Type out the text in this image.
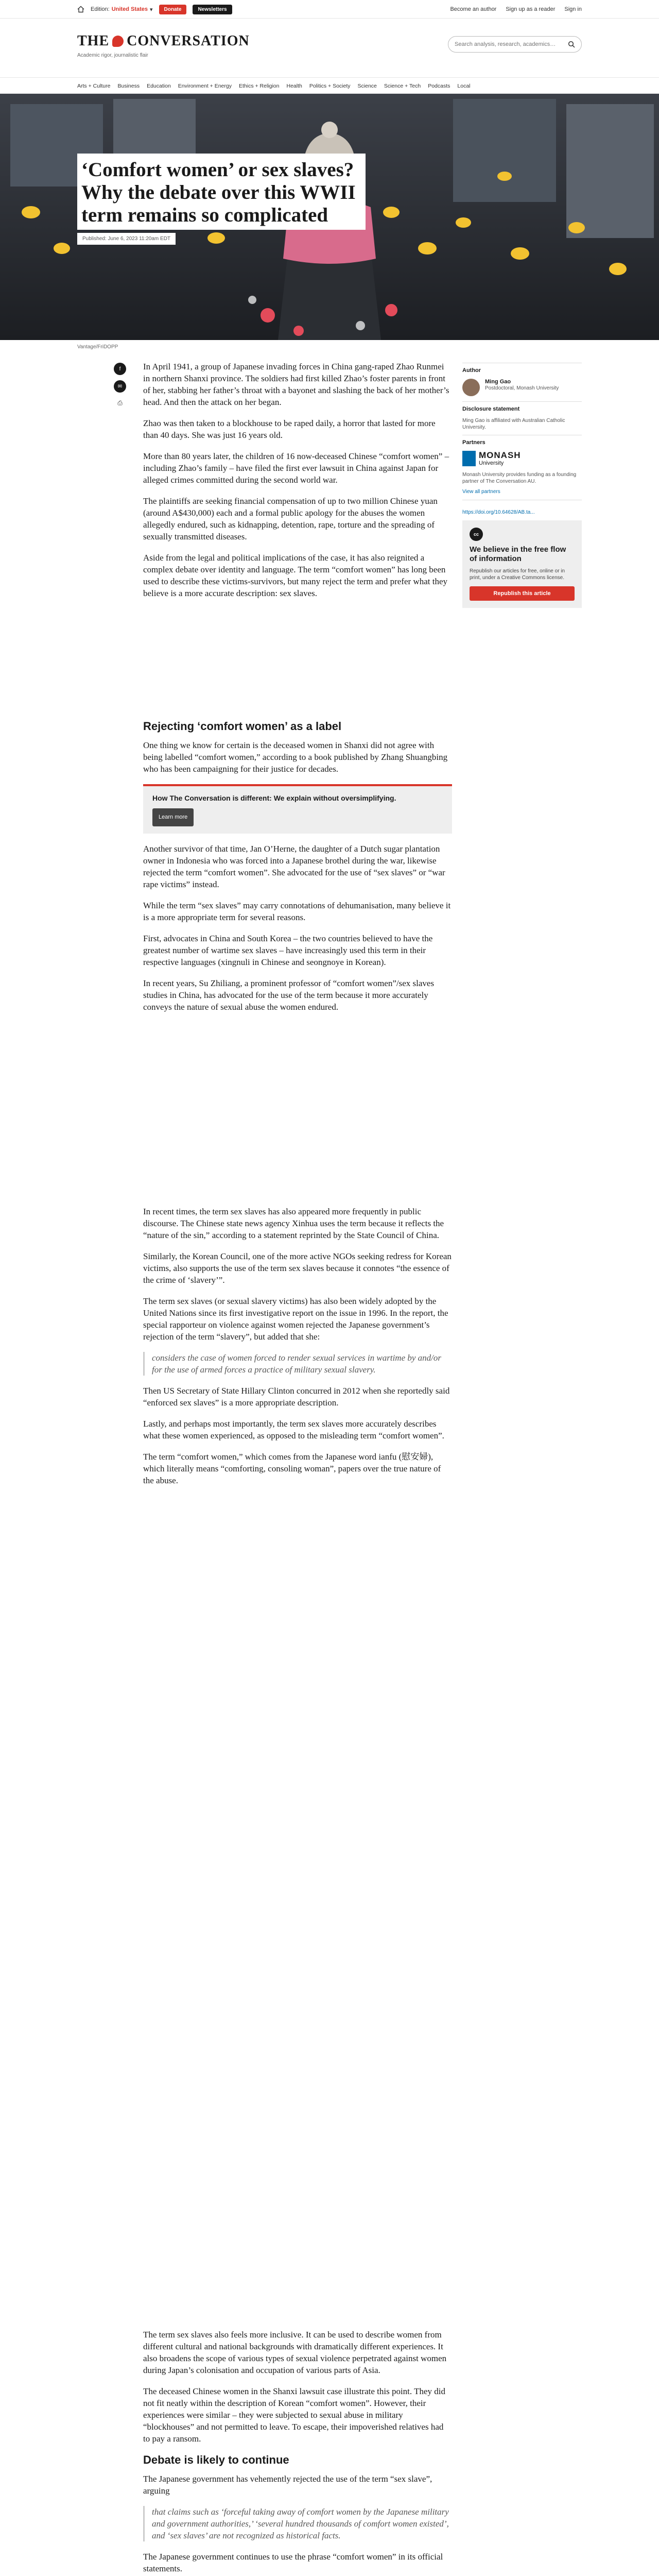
Edition: United States ▾	Donate	Newsletters	Become an author Sign up as a reader Sign in
THE CONVERSATION
Academic rigor, journalistic flair
Search analysis, research, academics…
Arts + Culture Business Education Environment + Energy Ethics + Religion Health Politics + Society Science Science + Tech Podcasts Local
‘Comfort women’ or sex slaves? Why the debate over this WWII term remains so complicated
Published: June 6, 2023 11:20am EDT
Vantage/FriDOPP
f
✉
⎙

In April 1941, a group of Japanese invading forces in China gang-raped Zhao Runmei in northern Shanxi province. The soldiers had first killed Zhao’s foster parents in front of her, stabbing her father’s throat with a bayonet and slashing the back of her mother’s head. And then the attack on her began.

Zhao was then taken to a blockhouse to be raped daily, a horror that lasted for more than 40 days. She was just 16 years old.

More than 80 years later, the children of 16 now-deceased Chinese “comfort women” – including Zhao’s family – have filed the first ever lawsuit in China against Japan for alleged crimes committed during the second world war.

The plaintiffs are seeking financial compensation of up to two million Chinese yuan (around A$430,000) each and a formal public apology for the abuses the women allegedly endured, such as kidnapping, detention, rape, torture and the spreading of sexually transmitted diseases.

Aside from the legal and political implications of the case, it has also reignited a complex debate over identity and language. The term “comfort women” has long been used to describe these victims-survivors, but many reject the term and prefer what they believe is a more accurate description: sex slaves.

Rejecting ‘comfort women’ as a label

One thing we know for certain is the deceased women in Shanxi did not agree with being labelled “comfort women,” according to a book published by Zhang Shuangbing who has been campaigning for their justice for decades.

How The Conversation is different: We explain without oversimplifying.
Learn more

Another survivor of that time, Jan O’Herne, the daughter of a Dutch sugar plantation owner in Indonesia who was forced into a Japanese brothel during the war, likewise rejected the term “comfort women”. She advocated for the use of “sex slaves” or “war rape victims” instead.

While the term “sex slaves” may carry connotations of dehumanisation, many believe it is a more appropriate term for several reasons.

First, advocates in China and South Korea – the two countries believed to have the greatest number of wartime sex slaves – have increasingly used this term in their respective languages (xingnuli in Chinese and seongnoye in Korean).

In recent years, Su Zhiliang, a prominent professor of “comfort women”/sex slaves studies in China, has advocated for the use of the term because it more accurately conveys the nature of sexual abuse the women endured.

In recent times, the term sex slaves has also appeared more frequently in public discourse. The Chinese state news agency Xinhua uses the term because it reflects the “nature of the sin,” according to a statement reprinted by the State Council of China.

Similarly, the Korean Council, one of the more active NGOs seeking redress for Korean victims, also supports the use of the term sex slaves because it connotes “the essence of the crime of ‘slavery’”.

The term sex slaves (or sexual slavery victims) has also been widely adopted by the United Nations since its first investigative report on the issue in 1996. In the report, the special rapporteur on violence against women rejected the Japanese government’s rejection of the term “slavery”, but added that she:

considers the case of women forced to render sexual services in wartime by and/or for the use of armed forces a practice of military sexual slavery.

Then US Secretary of State Hillary Clinton concurred in 2012 when she reportedly said “enforced sex slaves” is a more appropriate description.

Lastly, and perhaps most importantly, the term sex slaves more accurately describes what these women experienced, as opposed to the misleading term “comfort women”.

The term “comfort women,” which comes from the Japanese word ianfu (慰安婦), which literally means “comforting, consoling woman”, papers over the true nature of the abuse.

The term sex slaves also feels more inclusive. It can be used to describe women from different cultural and national backgrounds with dramatically different experiences. It also broadens the scope of various types of sexual violence perpetrated against women during Japan’s colonisation and occupation of various parts of Asia.

The deceased Chinese women in the Shanxi lawsuit case illustrate this point. They did not fit neatly within the description of Korean “comfort women”. However, their experiences were similar – they were subjected to sexual abuse in military “blockhouses” and not permitted to leave. To escape, their impoverished relatives had to pay a ransom.

Debate is likely to continue

The Japanese government has vehemently rejected the use of the term “sex slave”, arguing

that claims such as ‘forceful taking away of comfort women by the Japanese military and government authorities,’ ‘several hundred thousands of comfort women existed’, and ‘sex slaves’ are not recognized as historical facts.

The Japanese government continues to use the phrase “comfort women” in its official statements.

Author
Ming Gao
Postdoctoral, Monash University
Disclosure statement
Ming Gao is affiliated with Australian Catholic University.
Partners
MONASH
University
Monash University provides funding as a founding partner of The Conversation AU.
View all partners
https://doi.org/10.64628/AB.ta...
cc
We believe in the free flow of information
Republish our articles for free, online or in print, under a Creative Commons license.
Republish this article
